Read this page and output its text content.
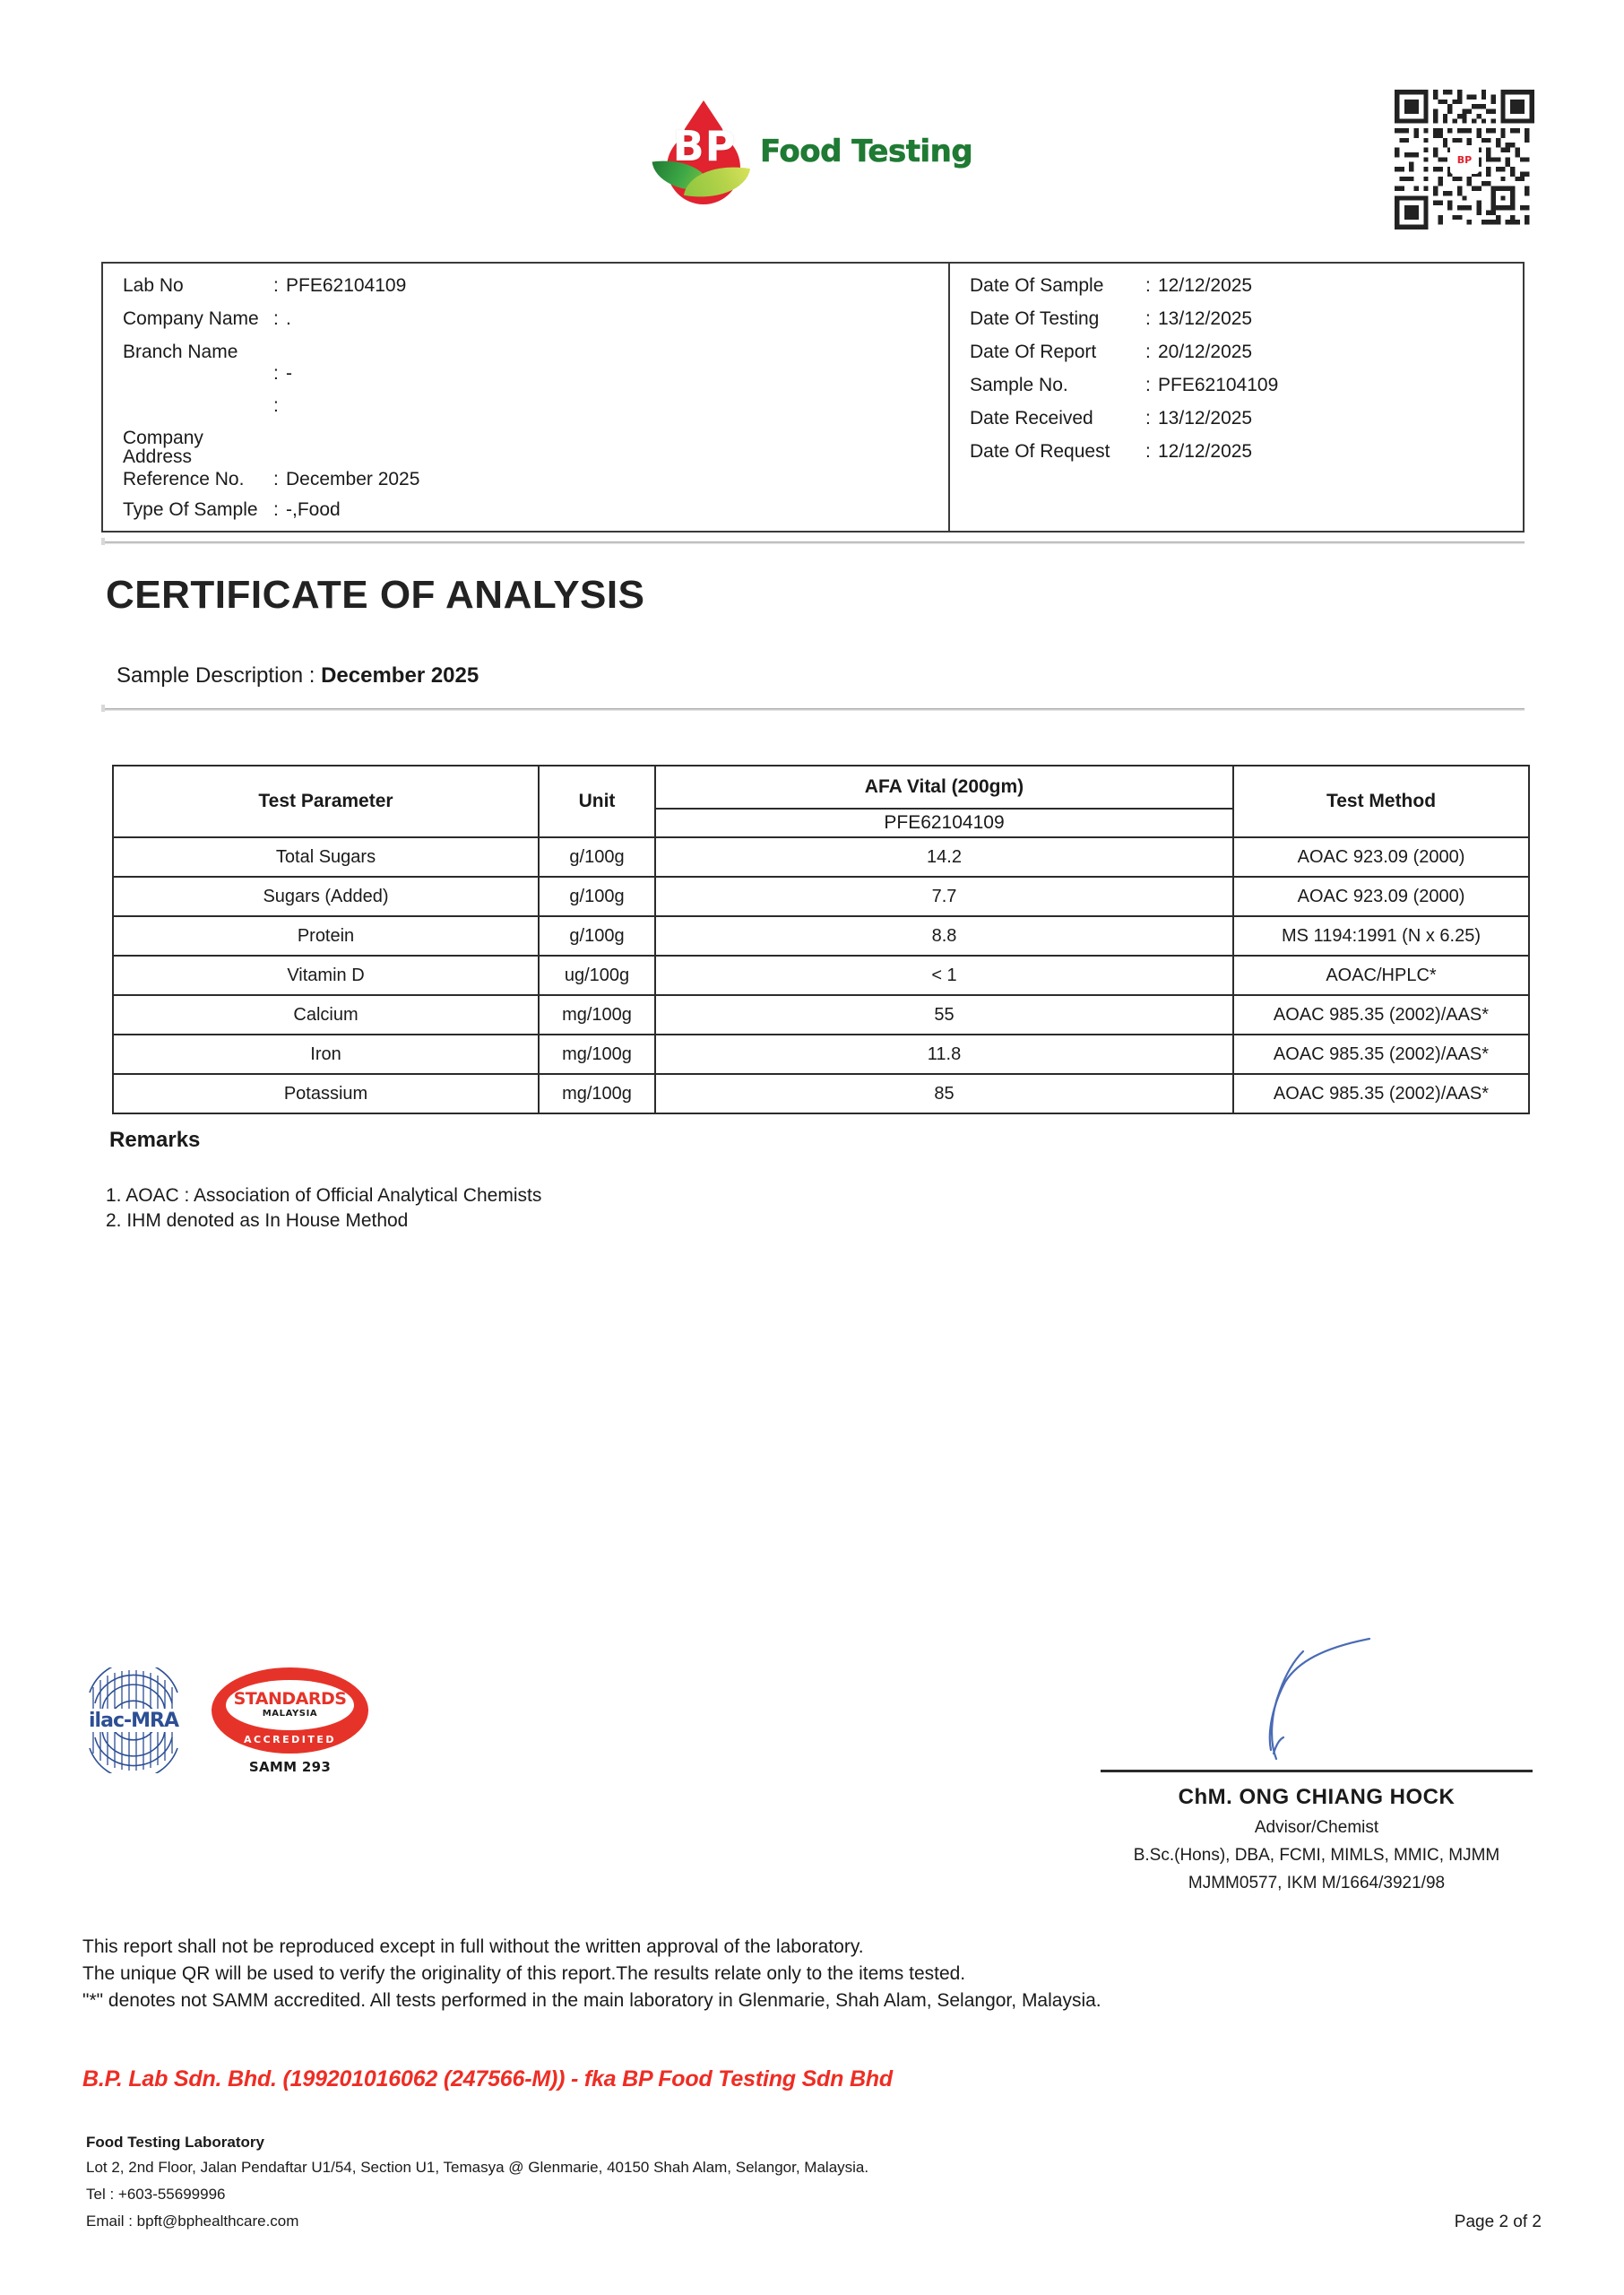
BP Food Testing	BP
Lab No	: PFE62104109
Company Name : .
Branch Name
: -
:
Company Address
Reference No.	: December 2025
Type Of Sample : -,Food
Date Of Sample	: 12/12/2025
Date Of Testing	: 13/12/2025
Date Of Report	: 20/12/2025
Sample No.	: PFE62104109
Date Received	: 13/12/2025
Date Of Request	: 12/12/2025
CERTIFICATE OF ANALYSIS
Sample Description : December 2025
Test Parameter	Unit	AFA Vital (200gm)	Test Method
		PFE62104109	
Total Sugars	g/100g	14.2	AOAC 923.09 (2000)
Sugars (Added)	g/100g	7.7	AOAC 923.09 (2000)
Protein	g/100g	8.8	MS 1194:1991 (N x 6.25)
Vitamin D	ug/100g	< 1	AOAC/HPLC*
Calcium	mg/100g	55	AOAC 985.35 (2002)/AAS*
Iron	mg/100g	11.8	AOAC 985.35 (2002)/AAS*
Potassium	mg/100g	85	AOAC 985.35 (2002)/AAS*
Remarks
1. AOAC : Association of Official Analytical Chemists
2. IHM denoted as In House Method
ilac-MRA
STANDARDS
MALAYSIA
ACCREDITED
SAMM 293
ChM. ONG CHIANG HOCK
Advisor/Chemist
B.Sc.(Hons), DBA, FCMI, MIMLS, MMIC, MJMM
MJMM0577, IKM M/1664/3921/98
This report shall not be reproduced except in full without the written approval of the laboratory.
The unique QR will be used to verify the originality of this report.The results relate only to the items tested.
"*" denotes not SAMM accredited. All tests performed in the main laboratory in Glenmarie, Shah Alam, Selangor, Malaysia.
B.P. Lab Sdn. Bhd. (199201016062 (247566-M)) - fka BP Food Testing Sdn Bhd
Food Testing Laboratory
Lot 2, 2nd Floor, Jalan Pendaftar U1/54, Section U1, Temasya @ Glenmarie, 40150 Shah Alam, Selangor, Malaysia.
Tel : +603-55699996
Email : bpft@bphealthcare.com	Page 2 of 2
